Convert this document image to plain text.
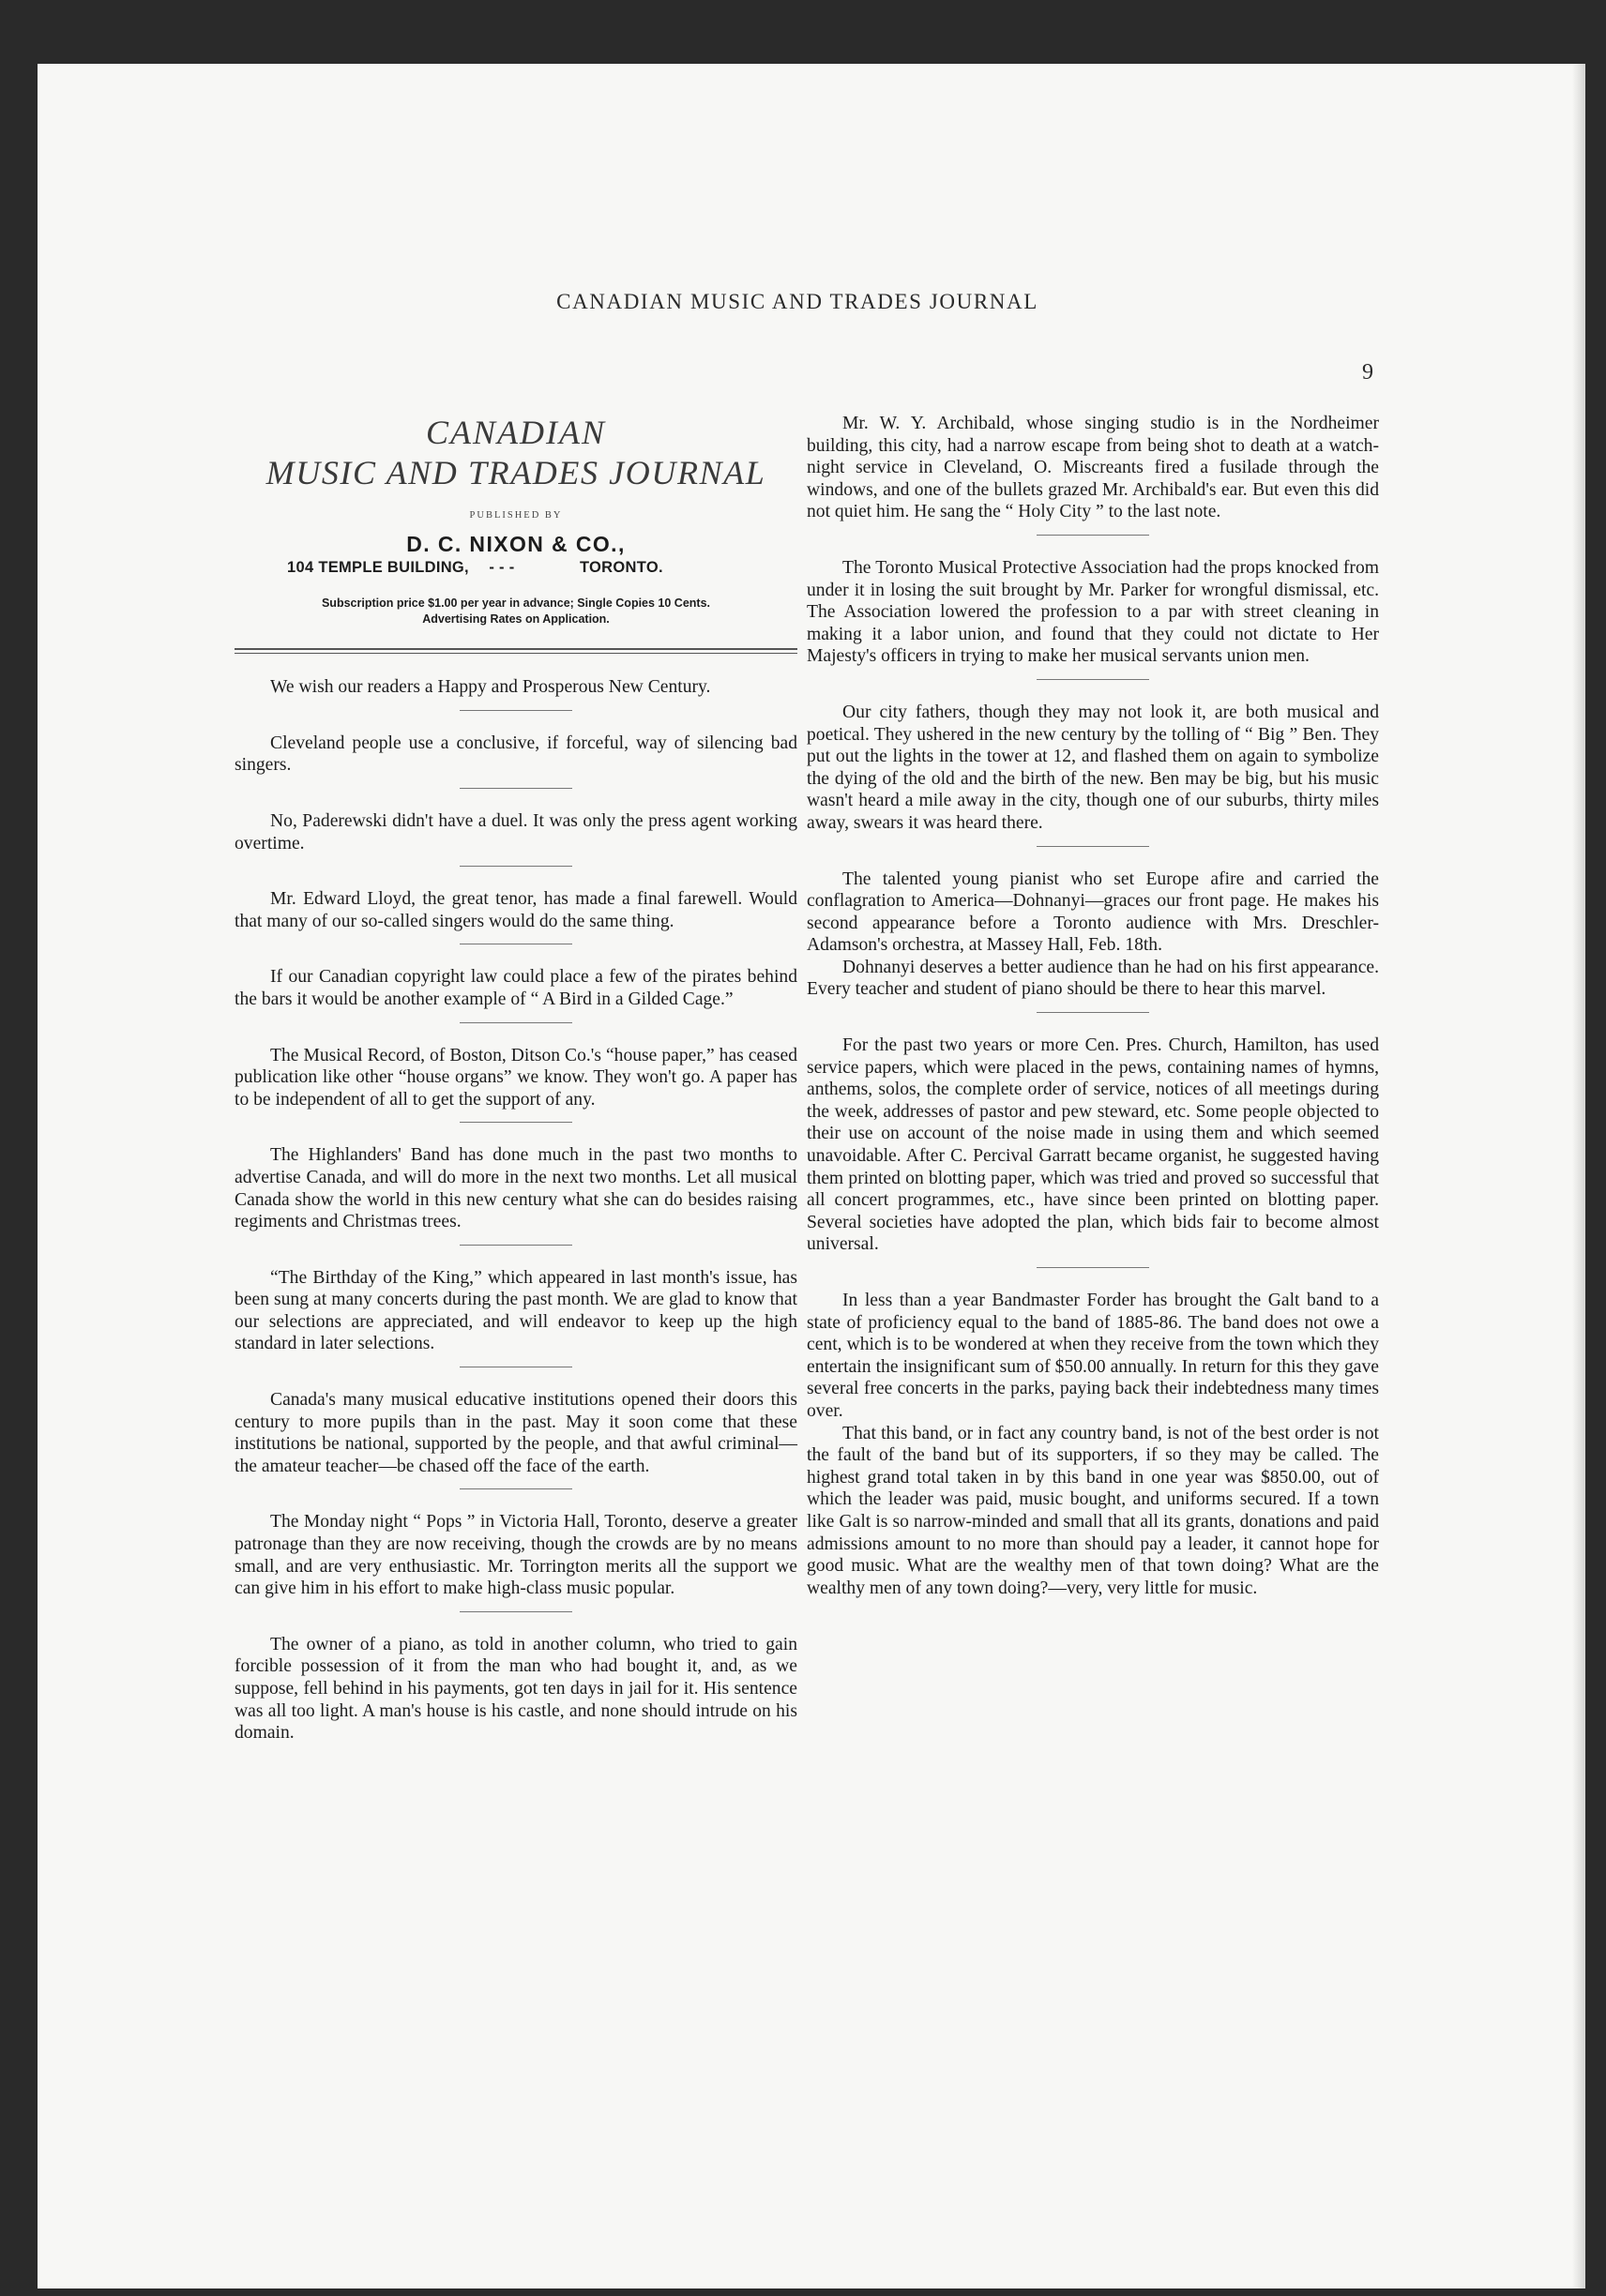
CANADIAN MUSIC AND TRADES JOURNAL
9
CANADIAN
MUSIC AND TRADES JOURNAL
PUBLISHED BY
D. C. NIXON & CO.,
104 TEMPLE BUILDING, - - -	TORONTO.
Subscription price $1.00 per year in advance; Single Copies 10 Cents.
Advertising Rates on Application.

We wish our readers a Happy and Prosperous New Century.

Cleveland people use a conclusive, if forceful, way of silencing bad singers.

No, Paderewski didn't have a duel. It was only the press agent working overtime.

Mr. Edward Lloyd, the great tenor, has made a final farewell. Would that many of our so-called singers would do the same thing.

If our Canadian copyright law could place a few of the pirates behind the bars it would be another example of “ A Bird in a Gilded Cage.”

The Musical Record, of Boston, Ditson Co.'s “house paper,” has ceased publication like other “house organs” we know. They won't go. A paper has to be independent of all to get the support of any.

The Highlanders' Band has done much in the past two months to advertise Canada, and will do more in the next two months. Let all musical Canada show the world in this new century what she can do besides raising regiments and Christmas trees.

“The Birthday of the King,” which appeared in last month's issue, has been sung at many concerts during the past month. We are glad to know that our selections are appreciated, and will endeavor to keep up the high standard in later selections.

Canada's many musical educative institutions opened their doors this century to more pupils than in the past. May it soon come that these institutions be national, supported by the people, and that awful criminal—the amateur teacher—be chased off the face of the earth.

The Monday night “ Pops ” in Victoria Hall, Toronto, deserve a greater patronage than they are now receiving, though the crowds are by no means small, and are very enthusiastic. Mr. Torrington merits all the support we can give him in his effort to make high-class music popular.

The owner of a piano, as told in another column, who tried to gain forcible possession of it from the man who had bought it, and, as we suppose, fell behind in his payments, got ten days in jail for it. His sentence was all too light. A man's house is his castle, and none should intrude on his domain.

Mr. W. Y. Archibald, whose singing studio is in the Nordheimer building, this city, had a narrow escape from being shot to death at a watch-night service in Cleveland, O. Miscreants fired a fusilade through the windows, and one of the bullets grazed Mr. Archibald's ear. But even this did not quiet him. He sang the “ Holy City ” to the last note.

The Toronto Musical Protective Association had the props knocked from under it in losing the suit brought by Mr. Parker for wrongful dismissal, etc. The Association lowered the profession to a par with street cleaning in making it a labor union, and found that they could not dictate to Her Majesty's officers in trying to make her musical servants union men.

Our city fathers, though they may not look it, are both musical and poetical. They ushered in the new century by the tolling of “ Big ” Ben. They put out the lights in the tower at 12, and flashed them on again to symbolize the dying of the old and the birth of the new. Ben may be big, but his music wasn't heard a mile away in the city, though one of our suburbs, thirty miles away, swears it was heard there.

The talented young pianist who set Europe afire and carried the conflagration to America—Dohnanyi—graces our front page. He makes his second appearance before a Toronto audience with Mrs. Dreschler-Adamson's orchestra, at Massey Hall, Feb. 18th.

Dohnanyi deserves a better audience than he had on his first appearance. Every teacher and student of piano should be there to hear this marvel.

For the past two years or more Cen. Pres. Church, Hamilton, has used service papers, which were placed in the pews, containing names of hymns, anthems, solos, the complete order of service, notices of all meetings during the week, addresses of pastor and pew steward, etc. Some people objected to their use on account of the noise made in using them and which seemed unavoidable. After C. Percival Garratt became organist, he suggested having them printed on blotting paper, which was tried and proved so successful that all concert programmes, etc., have since been printed on blotting paper. Several societies have adopted the plan, which bids fair to become almost universal.

In less than a year Bandmaster Forder has brought the Galt band to a state of proficiency equal to the band of 1885-86. The band does not owe a cent, which is to be wondered at when they receive from the town which they entertain the insignificant sum of $50.00 annually. In return for this they gave several free concerts in the parks, paying back their indebtedness many times over.

That this band, or in fact any country band, is not of the best order is not the fault of the band but of its supporters, if so they may be called. The highest grand total taken in by this band in one year was $850.00, out of which the leader was paid, music bought, and uniforms secured. If a town like Galt is so narrow-minded and small that all its grants, donations and paid admissions amount to no more than should pay a leader, it cannot hope for good music. What are the wealthy men of that town doing? What are the wealthy men of any town doing?—very, very little for music.
